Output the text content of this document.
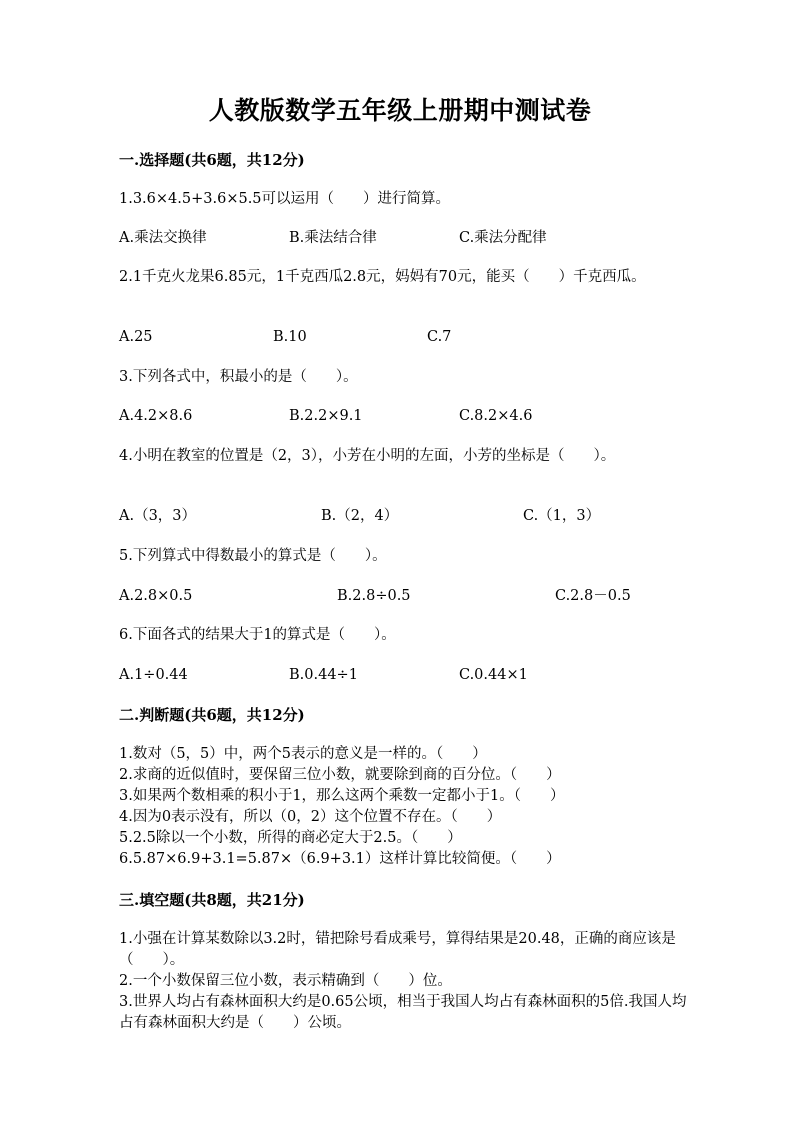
人教版数学五年级上册期中测试卷
一.选择题(共6题，共12分)
1.3.6×4.5+3.6×5.5可以运用（　　）进行简算。
A.乘法交换律	B.乘法结合律	C.乘法分配律
2.1千克火龙果6.85元，1千克西瓜2.8元，妈妈有70元，能买（　　）千克西瓜。
A.25	B.10	C.7
3.下列各式中，积最小的是（　　）。
A.4.2×8.6	B.2.2×9.1	C.8.2×4.6
4.小明在教室的位置是（2，3），小芳在小明的左面，小芳的坐标是（　　）。
A.（3，3）	B.（2，4）	C.（1，3）
5.下列算式中得数最小的算式是（　　）。
A.2.8×0.5	B.2.8÷0.5	C.2.8－0.5
6.下面各式的结果大于1的算式是（　　）。
A.1÷0.44	B.0.44÷1	C.0.44×1
二.判断题(共6题，共12分)
1.数对（5，5）中，两个5表示的意义是一样的。（　　）
2.求商的近似值时，要保留三位小数，就要除到商的百分位。（　　）
3.如果两个数相乘的积小于1，那么这两个乘数一定都小于1。（　　）
4.因为0表示没有，所以（0，2）这个位置不存在。（　　）
5.2.5除以一个小数，所得的商必定大于2.5。（　　）
6.5.87×6.9+3.1=5.87×（6.9+3.1）这样计算比较简便。（　　）
三.填空题(共8题，共21分)
1.小强在计算某数除以3.2时，错把除号看成乘号，算得结果是20.48，正确的商应该是（　　）。
2.一个小数保留三位小数，表示精确到（　　）位。
3.世界人均占有森林面积大约是0.65公顷，相当于我国人均占有森林面积的5倍.我国人均占有森林面积大约是（　　）公顷。
